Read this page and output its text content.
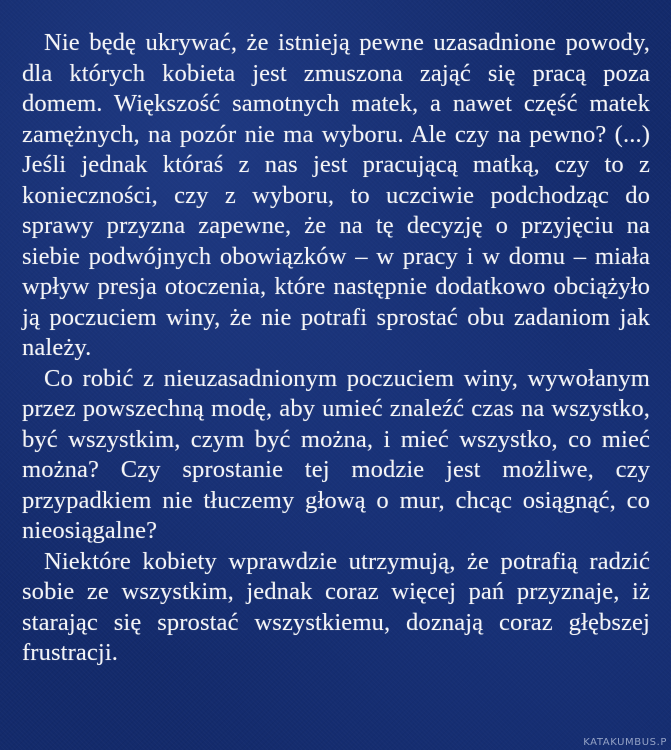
Nie będę ukrywać, że istnieją pewne uzasadnione powody, dla których kobieta jest zmuszona zająć się pracą poza domem. Większość samotnych matek, a nawet część matek zamężnych, na pozór nie ma wyboru. Ale czy na pewno? (...) Jeśli jednak któraś z nas jest pracującą matką, czy to z konieczności, czy z wyboru, to uczciwie podchodząc do sprawy przyzna zapewne, że na tę decyzję o przyjęciu na siebie podwójnych obowiązków – w pracy i w domu – miała wpływ presja otoczenia, które następnie dodatkowo obciążyło ją poczuciem winy, że nie potrafi sprostać obu zadaniom jak należy.

Co robić z nieuzasadnionym poczuciem winy, wywołanym przez powszechną modę, aby umieć znaleźć czas na wszystko, być wszystkim, czym być można, i mieć wszystko, co mieć można? Czy sprostanie tej modzie jest możliwe, czy przypadkiem nie tłuczemy głową o mur, chcąc osiągnąć, co nieosiągalne?

Niektóre kobiety wprawdzie utrzymują, że potrafią radzić sobie ze wszystkim, jednak coraz więcej pań przyznaje, iż starając się sprostać wszystkiemu, doznają coraz głębszej frustracji.

KATAKUMBUS.P
